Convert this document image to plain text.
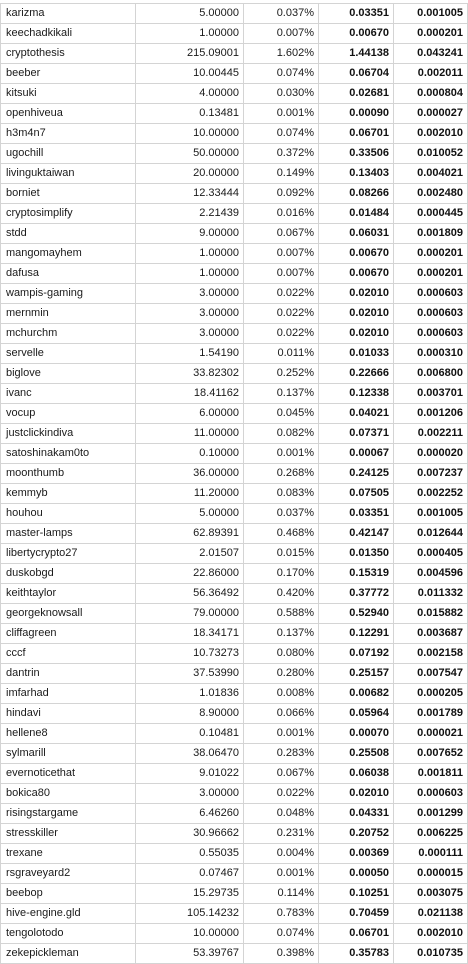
karizma	5.00000	0.037%	0.03351	0.001005
keechadkikali	1.00000	0.007%	0.00670	0.000201
cryptothesis	215.09001	1.602%	1.44138	0.043241
beeber	10.00445	0.074%	0.06704	0.002011
kitsuki	4.00000	0.030%	0.02681	0.000804
openhiveua	0.13481	0.001%	0.00090	0.000027
h3m4n7	10.00000	0.074%	0.06701	0.002010
ugochill	50.00000	0.372%	0.33506	0.010052
livinguktaiwan	20.00000	0.149%	0.13403	0.004021
borniet	12.33444	0.092%	0.08266	0.002480
cryptosimplify	2.21439	0.016%	0.01484	0.000445
stdd	9.00000	0.067%	0.06031	0.001809
mangomayhem	1.00000	0.007%	0.00670	0.000201
dafusa	1.00000	0.007%	0.00670	0.000201
wampis-gaming	3.00000	0.022%	0.02010	0.000603
mernmin	3.00000	0.022%	0.02010	0.000603
mchurchm	3.00000	0.022%	0.02010	0.000603
servelle	1.54190	0.011%	0.01033	0.000310
biglove	33.82302	0.252%	0.22666	0.006800
ivanc	18.41162	0.137%	0.12338	0.003701
vocup	6.00000	0.045%	0.04021	0.001206
justclickindiva	11.00000	0.082%	0.07371	0.002211
satoshinakam0to	0.10000	0.001%	0.00067	0.000020
moonthumb	36.00000	0.268%	0.24125	0.007237
kemmyb	11.20000	0.083%	0.07505	0.002252
houhou	5.00000	0.037%	0.03351	0.001005
master-lamps	62.89391	0.468%	0.42147	0.012644
libertycrypto27	2.01507	0.015%	0.01350	0.000405
duskobgd	22.86000	0.170%	0.15319	0.004596
keithtaylor	56.36492	0.420%	0.37772	0.011332
georgeknowsall	79.00000	0.588%	0.52940	0.015882
cliffagreen	18.34171	0.137%	0.12291	0.003687
cccf	10.73273	0.080%	0.07192	0.002158
dantrin	37.53990	0.280%	0.25157	0.007547
imfarhad	1.01836	0.008%	0.00682	0.000205
hindavi	8.90000	0.066%	0.05964	0.001789
hellene8	0.10481	0.001%	0.00070	0.000021
sylmarill	38.06470	0.283%	0.25508	0.007652
evernoticethat	9.01022	0.067%	0.06038	0.001811
bokica80	3.00000	0.022%	0.02010	0.000603
risingstargame	6.46260	0.048%	0.04331	0.001299
stresskiller	30.96662	0.231%	0.20752	0.006225
trexane	0.55035	0.004%	0.00369	0.000111
rsgraveyard2	0.07467	0.001%	0.00050	0.000015
beebop	15.29735	0.114%	0.10251	0.003075
hive-engine.gld	105.14232	0.783%	0.70459	0.021138
tengolotodo	10.00000	0.074%	0.06701	0.002010
zekepickleman	53.39767	0.398%	0.35783	0.010735
